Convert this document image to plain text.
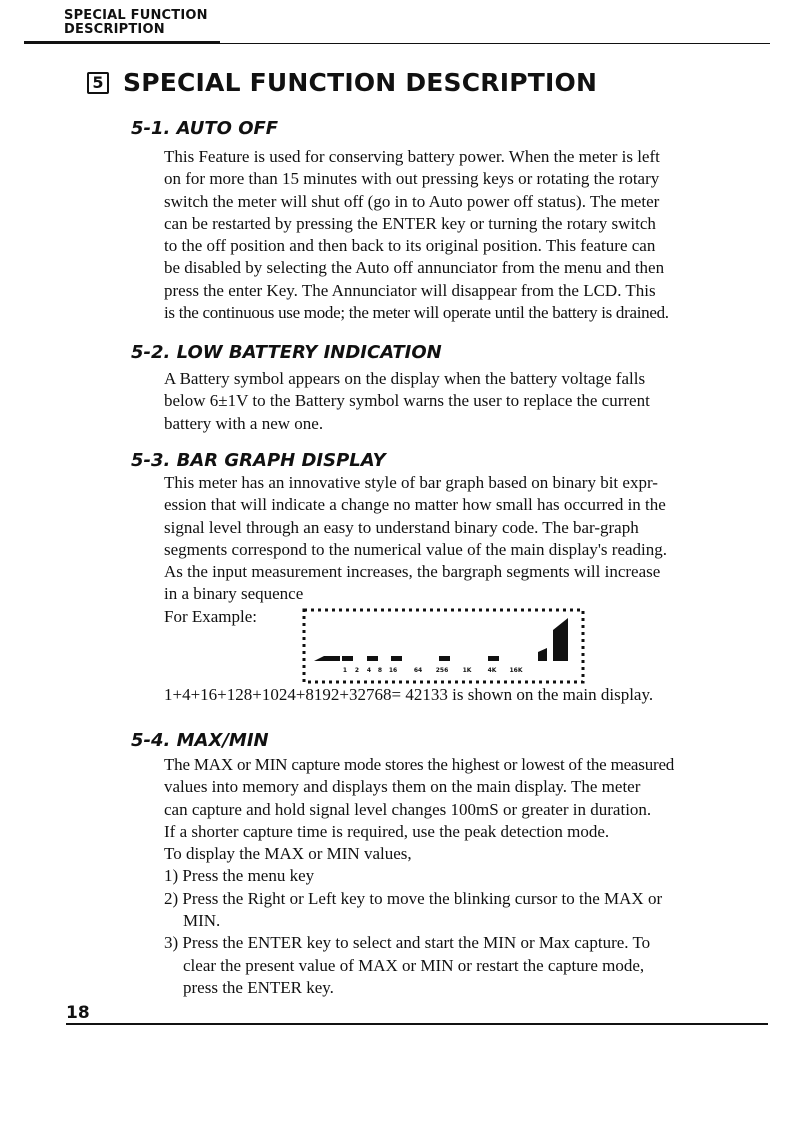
SPECIAL FUNCTION
DESCRIPTION
5 SPECIAL FUNCTION DESCRIPTION
5-1. AUTO OFF
This Feature is used for conserving battery power. When the meter is left
on for more than 15 minutes with out pressing keys or rotating the rotary
switch the meter will shut off (go in to Auto power off status). The meter
can be restarted by pressing the ENTER key or turning the rotary switch
to the off position and then back to its original position. This feature can
be disabled by selecting the Auto off annunciator from the menu and then
press the enter Key. The Annunciator will disappear from the LCD. This
is the continuous use mode; the meter will operate until the battery is drained.
5-2. LOW BATTERY INDICATION
A Battery symbol appears on the display when the battery voltage falls
below 6±1V to the Battery symbol warns the user to replace the current
battery with a new one.
5-3. BAR GRAPH DISPLAY
This meter has an innovative style of bar graph based on binary bit expr-
ession that will indicate a change no matter how small has occurred in the
signal level through an easy to understand binary code. The bar-graph
segments correspond to the numerical value of the main display's reading.
As the input measurement increases, the bargraph segments will increase
in a binary sequence
For Example:
1 2 4 8 16	64 256 1K	4K 16K
1+4+16+128+1024+8192+32768= 42133 is shown on the main display.
5-4. MAX/MIN
The MAX or MIN capture mode stores the highest or lowest of the measured
values into memory and displays them on the main display. The meter
can capture and hold signal level changes 100mS or greater in duration.
If a shorter capture time is required, use the peak detection mode.
To display the MAX or MIN values,
1) Press the menu key
2) Press the Right or Left key to move the blinking cursor to the MAX or
MIN.
3) Press the ENTER key to select and start the MIN or Max capture. To
clear the present value of MAX or MIN or restart the capture mode,
press the ENTER key.
18
